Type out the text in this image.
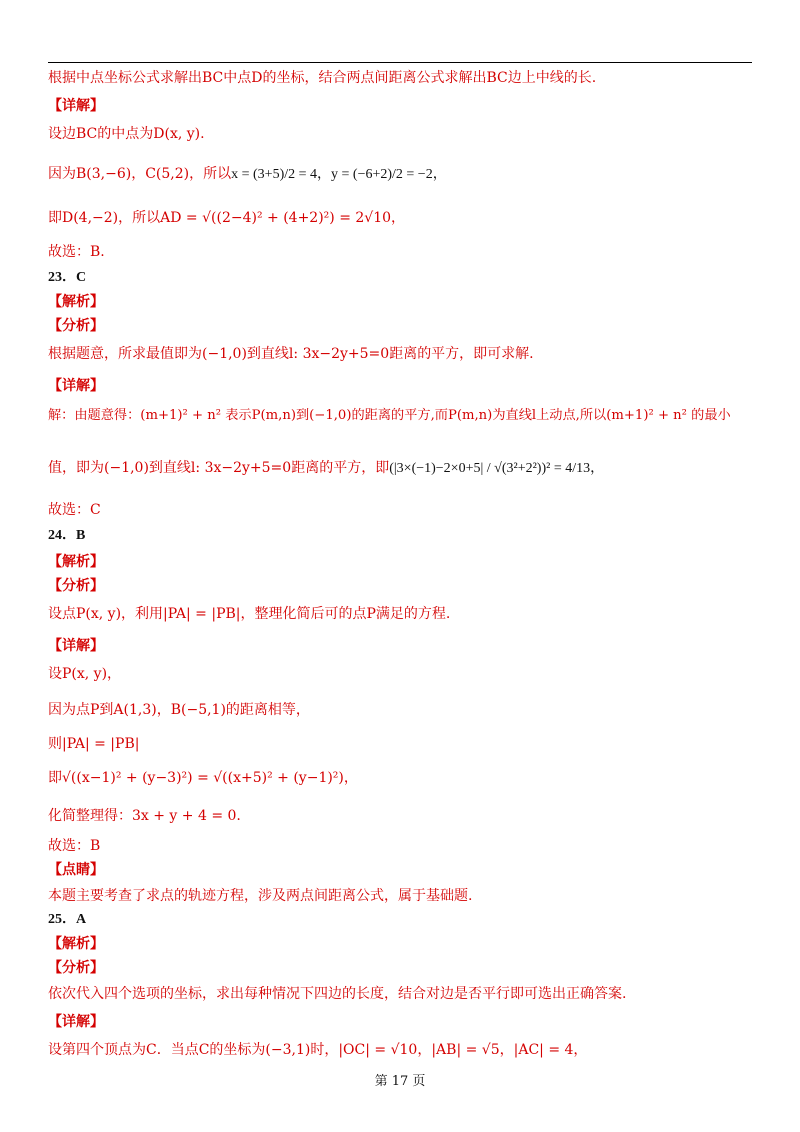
根据中点坐标公式求解出BC中点D的坐标，结合两点间距离公式求解出BC边上中线的长.
【详解】
设边BC的中点为D(x, y).
因为B(3,−6)，C(5,2)，所以x = (3+5)/2 = 4，y = (−6+2)/2 = −2，
即D(4,−2)，所以AD = √((2−4)² + (4+2)²) = 2√10，
故选：B.
23．C
【解析】
【分析】
根据题意，所求最值即为(−1,0)到直线l: 3x−2y+5=0距离的平方，即可求解.
【详解】
解：由题意得：(m+1)² + n² 表示P(m,n)到(−1,0)的距离的平方,而P(m,n)为直线l上动点,所以(m+1)² + n² 的最小
值，即为(−1,0)到直线l: 3x−2y+5=0距离的平方，即(|3×(−1)−2×0+5| / √(3²+2²))² = 4/13，
故选：C
24．B
【解析】
【分析】
设点P(x, y)，利用|PA| = |PB|，整理化简后可的点P满足的方程.
【详解】
设P(x, y)，
因为点P到A(1,3)，B(−5,1)的距离相等，
则|PA| = |PB|
即√((x−1)² + (y−3)²) = √((x+5)² + (y−1)²)，
化简整理得：3x + y + 4 = 0.
故选：B
【点睛】
本题主要考查了求点的轨迹方程，涉及两点间距离公式，属于基础题.
25．A
【解析】
【分析】
依次代入四个选项的坐标，求出每种情况下四边的长度，结合对边是否平行即可选出正确答案.
【详解】
设第四个顶点为C．当点C的坐标为(−3,1)时，|OC| = √10，|AB| = √5，|AC| = 4，
第 17 页
